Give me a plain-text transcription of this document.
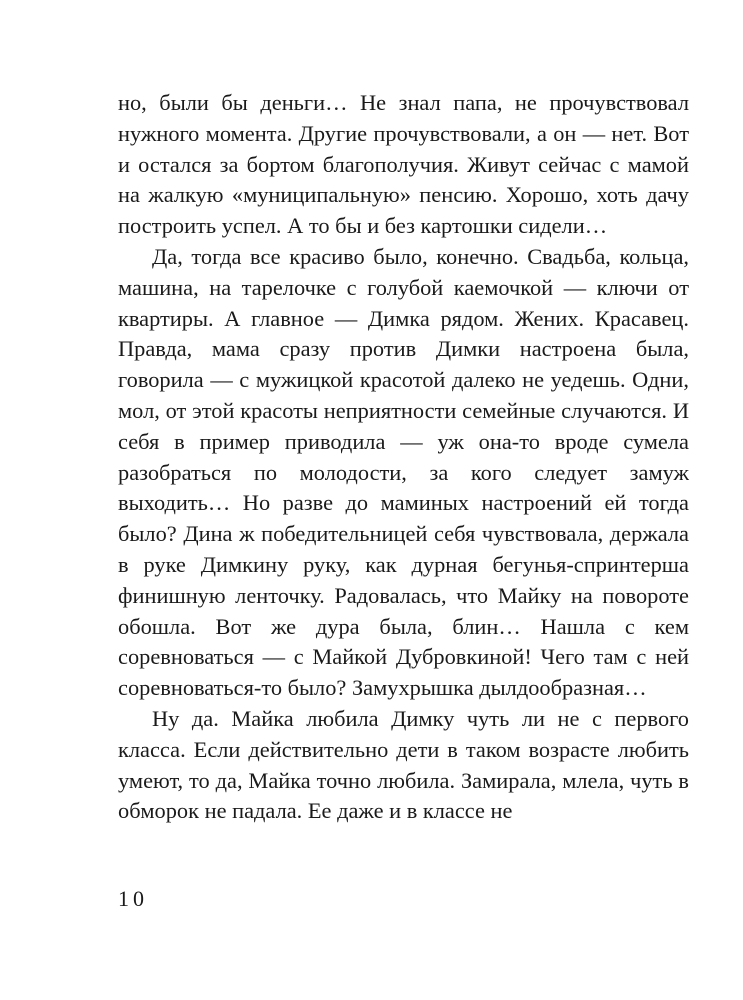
но, были бы деньги… Не знал папа, не прочувствовал нужного момента. Другие прочувствовали, а он — нет. Вот и остался за бортом благополучия. Живут сейчас с мамой на жалкую «муниципальную» пенсию. Хорошо, хоть дачу построить успел. А то бы и без картошки сидели…

Да, тогда все красиво было, конечно. Свадьба, кольца, машина, на тарелочке с голубой каемочкой — ключи от квартиры. А главное — Димка рядом. Жених. Красавец. Правда, мама сразу против Димки настроена была, говорила — с мужицкой красотой далеко не уедешь. Одни, мол, от этой красоты неприятности семейные случаются. И себя в пример приводила — уж она-то вроде сумела разобраться по молодости, за кого следует замуж выходить… Но разве до маминых настроений ей тогда было? Дина ж победительницей себя чувствовала, держала в руке Димкину руку, как дурная бегунья-спринтерша финишную ленточку. Радовалась, что Майку на повороте обошла. Вот же дура была, блин… Нашла с кем соревноваться — с Майкой Дубровкиной! Чего там с ней соревноваться-то было? Замухрышка дылдообразная…

Ну да. Майка любила Димку чуть ли не с первого класса. Если действительно дети в таком возрасте любить умеют, то да, Майка точно любила. Замирала, млела, чуть в обморок не падала. Ее даже и в классе не

10
